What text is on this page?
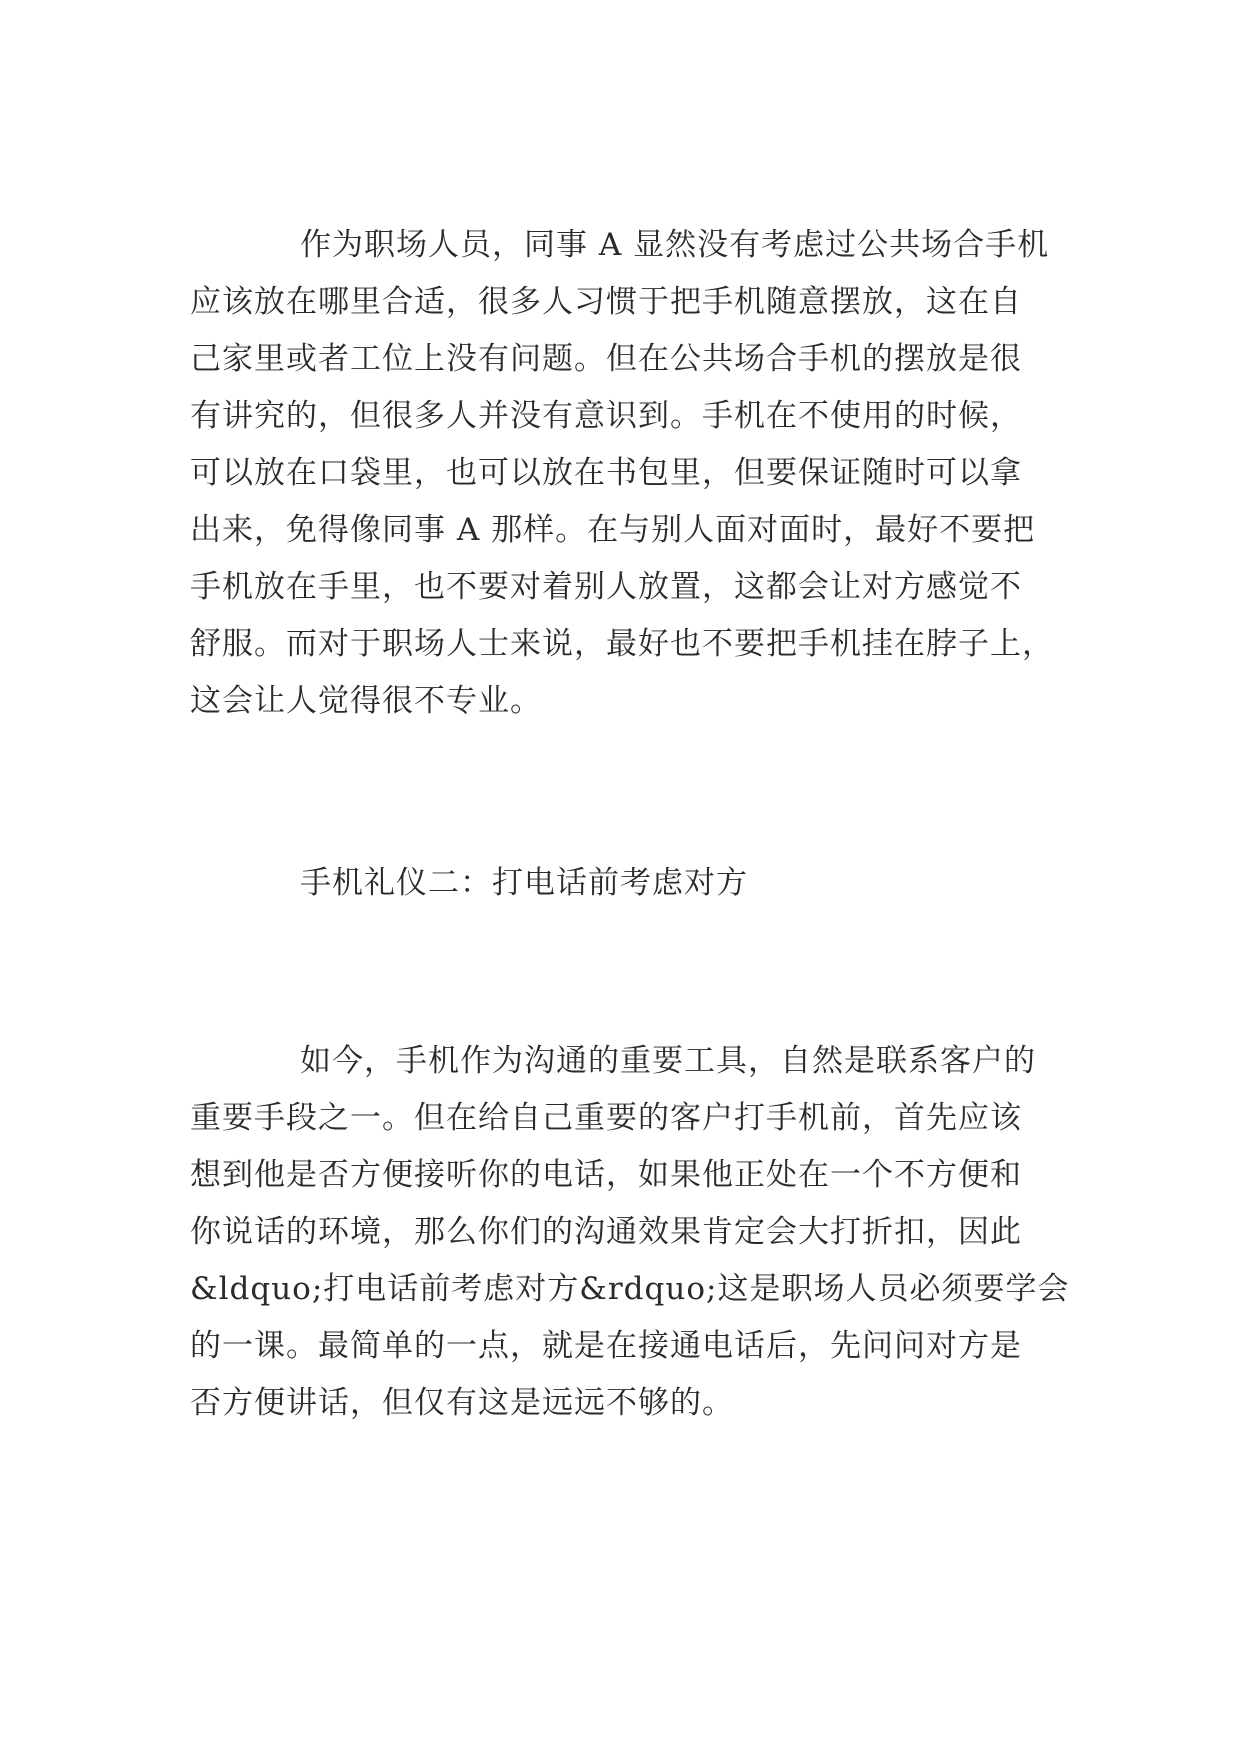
作为职场人员，同事 A 显然没有考虑过公共场合手机
应该放在哪里合适，很多人习惯于把手机随意摆放，这在自
己家里或者工位上没有问题。但在公共场合手机的摆放是很
有讲究的，但很多人并没有意识到。手机在不使用的时候，
可以放在口袋里，也可以放在书包里，但要保证随时可以拿
出来，免得像同事 A 那样。在与别人面对面时，最好不要把
手机放在手里，也不要对着别人放置，这都会让对方感觉不
舒服。而对于职场人士来说，最好也不要把手机挂在脖子上，
这会让人觉得很不专业。

手机礼仪二：打电话前考虑对方

如今，手机作为沟通的重要工具，自然是联系客户的
重要手段之一。但在给自己重要的客户打手机前，首先应该
想到他是否方便接听你的电话，如果他正处在一个不方便和
你说话的环境，那么你们的沟通效果肯定会大打折扣，因此
&ldquo;打电话前考虑对方&rdquo;这是职场人员必须要学会
的一课。最简单的一点，就是在接通电话后，先问问对方是
否方便讲话，但仅有这是远远不够的。
